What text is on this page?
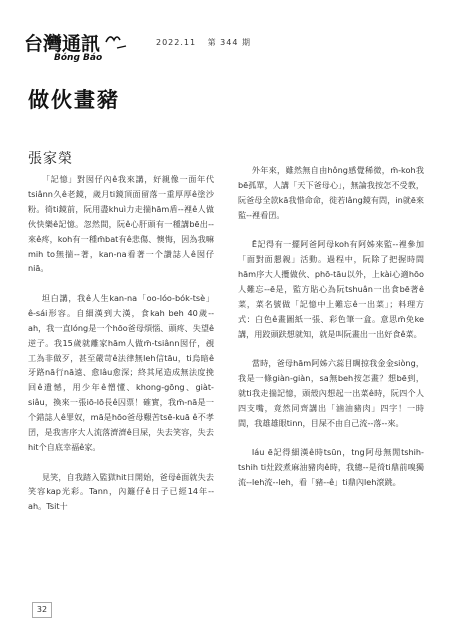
台灣通訊
Bóng Báo
2022.11 第 344 期
做伙畫豬
張家榮

「記憶」對囡仔內ê我來講，好親像一面年代tsiânn久ê老鏡，歲月ti鏡頂面留落一重厚厚ê塗沙粉。徛ti鏡前，阮用盡khuì力走揣hām盾--裡ê人做伙快樂ê記憶。忽然間，阮ê心肝頭有一種講bē出--來ê疼，koh有一種m̄bat有ê悲傷、懊悔，因為我嘛mih to無揣--著，kan-na看著一个讚誌人ê囡仔niā。

坦白講，我ê人生kan-na「oo-lóo-bók-tsè」ê-sái形容。自細漢到大漢，食kah beh 40歲--ah，我一直lóng是一个hōo爸母煩惱、頭疼、失望ê逆子。我15歲就離家hām人做m̄-tsiânn囡仔，覕工為非做歹，甚至嚴苛ê法律無leh信tāu，ti烏暗ê牙路nā行nā遠、愈lâu愈深；終其尾造成無法度挽回ê遺憾，用少年ê憎懂、khong-gōng、giàt-siâu，換來一張iō-lō長ê囚票！確實，我m̄-nā是一个錯誌人ê罪奴，mā是hōo爸母艱苦tsē-kuā ê不孝囝，是我害序大人流落濟濟ê目屎，失去笑容，失去hit个自底幸福ê家。

見笑，自我踏入監獄hit日開始，爸母ê面就失去笑容kap光彩。Tann，內籬仔ê日子已經14年--ah。Tsit十

外年來，雖然無自由hông感覺稀微，m̄-koh我bē孤單，人講「天下爸母心」，無論我按怎不受教，阮爸母全款kā我惜命命，徙若lâng鏡有問，in就ē來監--裡看囝。

Ē記得有一擺阿爸阿母koh有阿姊來監--裡參加「面對面懇親」活動。過程中，阮除了把握時間hām序大人攬做伙、phō-tāu以外，上kài心適hōo人難忘--ē是，監方貼心為阮tshuân一出食bē著ê菜，菜名號做「記憶中上難忘ê一出菜」；料理方式：白色ê畫圖紙一張、彩色筆一盒。意思m̄免ke講，用跤頭趺想就知，就是叫阮畫出一出好食ê菜。

當時，爸母hām阿姊六蕊目睭掠我金金siòng，我是一條giàn-giàn，sa無beh按怎畫？想bē到，就ti我走揣記憶，頭殼內想起一出菜ê時，阮四个人四支嘴，竟然同齊講出「滷油豬肉」四字！一時間，我雄雄眼tinn，目屎不由自己流--落--來。

Iáu ē記得細漢ê時tsūn，tng阿母無閒tshih-tshih ti灶跤煮麻油豬肉ê時，我總--是徛ti鼎前嗅獨流--leh流--leh，看「豬--ê」ti鼎內leh滾跳。

32
